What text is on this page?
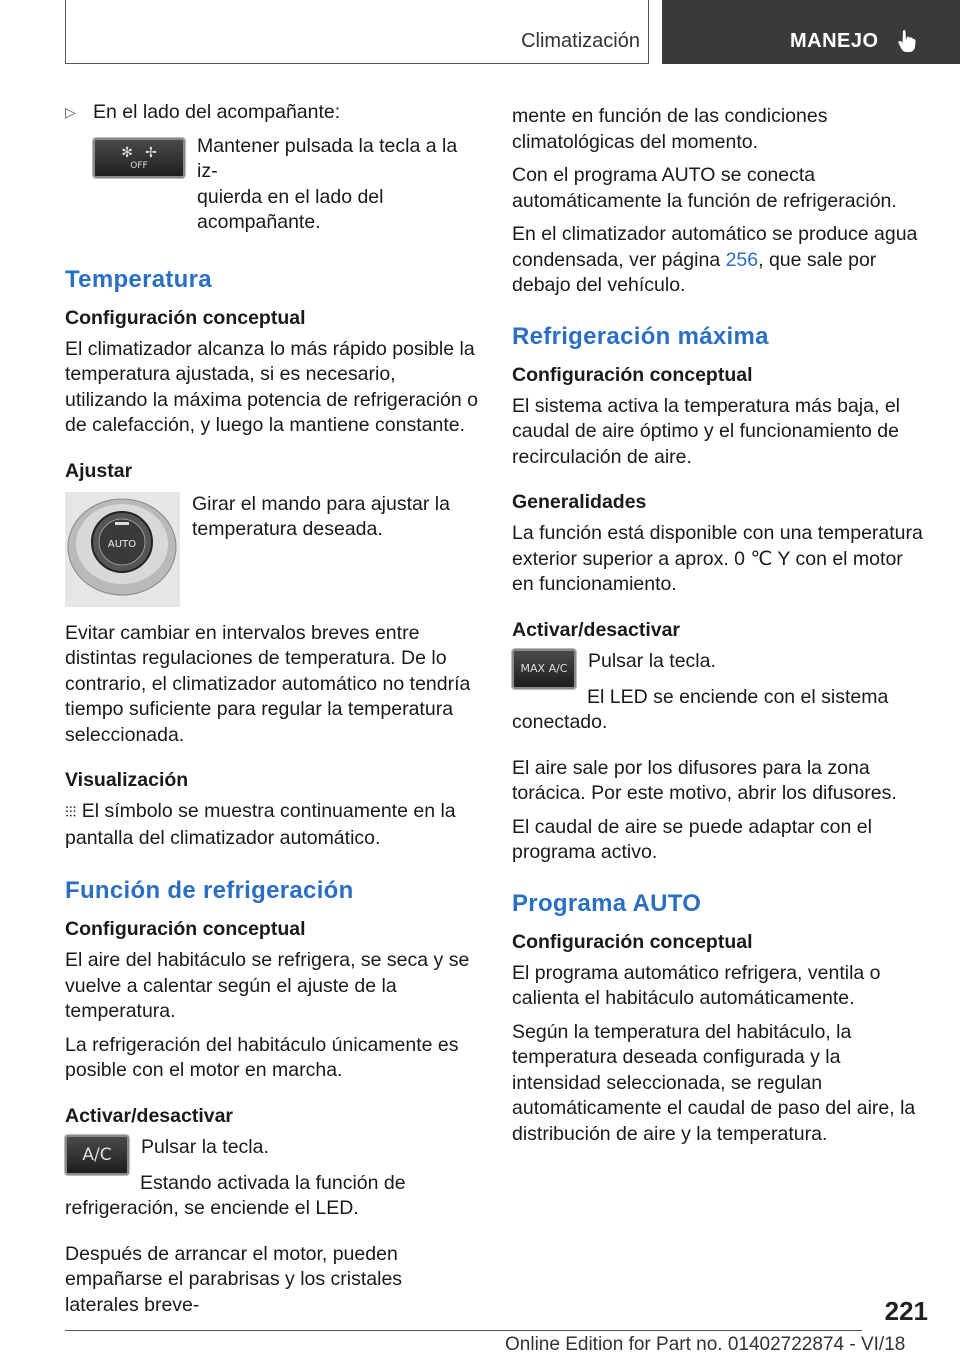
Climatización	MANEJO
▷ En el lado del acompañante:

✻ ✢
OFF

Mantener pulsada la tecla a la iz-
quierda en el lado del acompañante.

Temperatura
Configuración conceptual

El climatizador alcanza lo más rápido posible la temperatura ajustada, si es necesario, utilizando la máxima potencia de refrigeración o de calefacción, y luego la mantiene constante.

Ajustar
AUTO

Girar el mando para ajustar la temperatura deseada.

Evitar cambiar en intervalos breves entre distintas regulaciones de temperatura. De lo contrario, el climatizador automático no tendría tiempo suficiente para regular la temperatura seleccionada.

Visualización

⫶⫶⫶ El símbolo se muestra continuamente en la pantalla del climatizador automático.

Función de refrigeración
Configuración conceptual

El aire del habitáculo se refrigera, se seca y se vuelve a calentar según el ajuste de la temperatura.

La refrigeración del habitáculo únicamente es posible con el motor en marcha.

Activar/desactivar
A/C Pulsar la tecla.

Estando activada la función de refrigeración, se enciende el LED.

Después de arrancar el motor, pueden empañarse el parabrisas y los cristales laterales breve-

mente en función de las condiciones climatológicas del momento.

Con el programa AUTO se conecta automáticamente la función de refrigeración.

En el climatizador automático se produce agua condensada, ver página 256, que sale por debajo del vehículo.

Refrigeración máxima
Configuración conceptual

El sistema activa la temperatura más baja, el caudal de aire óptimo y el funcionamiento de recirculación de aire.

Generalidades

La función está disponible con una temperatura exterior superior a aprox. 0 ℃ Y con el motor en funcionamiento.

Activar/desactivar
MAX A/C Pulsar la tecla.

El LED se enciende con el sistema conectado.

El aire sale por los difusores para la zona torácica. Por este motivo, abrir los difusores.

El caudal de aire se puede adaptar con el programa activo.

Programa AUTO
Configuración conceptual

El programa automático refrigera, ventila o calienta el habitáculo automáticamente.

Según la temperatura del habitáculo, la temperatura deseada configurada y la intensidad seleccionada, se regulan automáticamente el caudal de paso del aire, la distribución de aire y la temperatura.

221
Online Edition for Part no. 01402722874 - VI/18
